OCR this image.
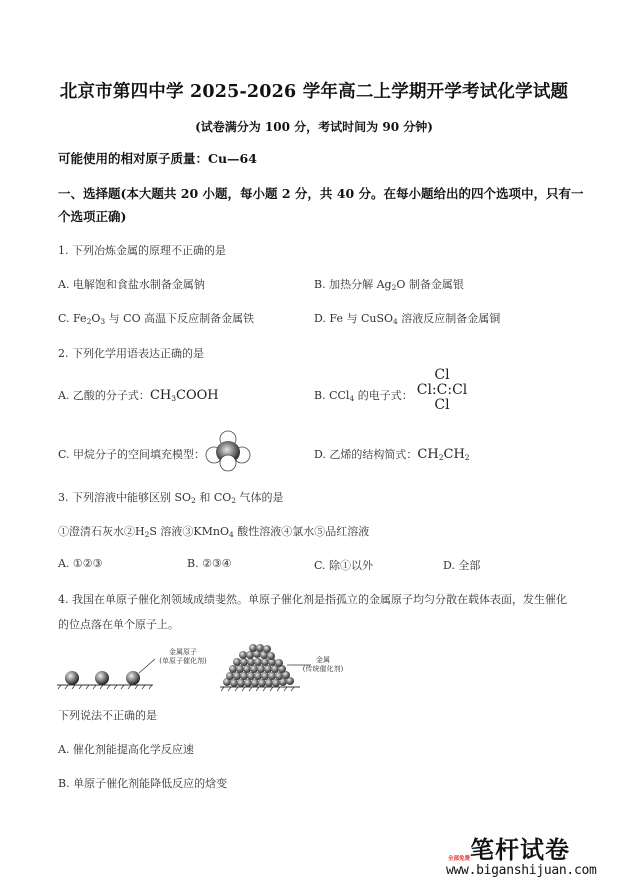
北京市第四中学 2025-2026 学年高二上学期开学考试化学试题
(试卷满分为 100 分，考试时间为 90 分钟)
可能使用的相对原子质量：Cu—64
一、选择题(本大题共 20 小题，每小题 2 分，共 40 分。在每小题给出的四个选项中，只有一
个选项正确)
1. 下列冶炼金属的原理不正确的是
A. 电解饱和食盐水制备金属钠	B. 加热分解 $Ag_2O$ 制备金属银
C. $Fe_2O_3$ 与 CO 高温下反应制备金属铁	D. Fe 与 CuSO$_4$ 溶液反应制备金属铜
2. 下列化学用语表达正确的是
A. 乙酸的分子式：$CH_3COOH$	B. CCl$_4$ 的电子式：
Cl
Cl:C:Cl
Cl
C. 甲烷分子的空间填充模型：	D. 乙烯的结构简式：$CH_2CH_2$
3. 下列溶液中能够区别 $SO_2$ 和 $CO_2$ 气体的是
①澄清石灰水$②H_2S$ 溶液③KMnO$_4$ 酸性溶液④氯水⑤品红溶液
A. ①②③	B. ②③④	C. 除①以外	D. 全部
4. 我国在单原子催化剂领域成绩斐然。单原子催化剂是指孤立的金属原子均匀分散在载体表面，发生催化
的位点落在单个原子上。
金属原子
(单原子催化剂)	金属
(传统催化剂)
下列说法不正确的是
A. 催化剂能提高化学反应速
B. 单原子催化剂能降低反应的焓变
笔杆试卷
全部免费
www.biganshijuan.com
